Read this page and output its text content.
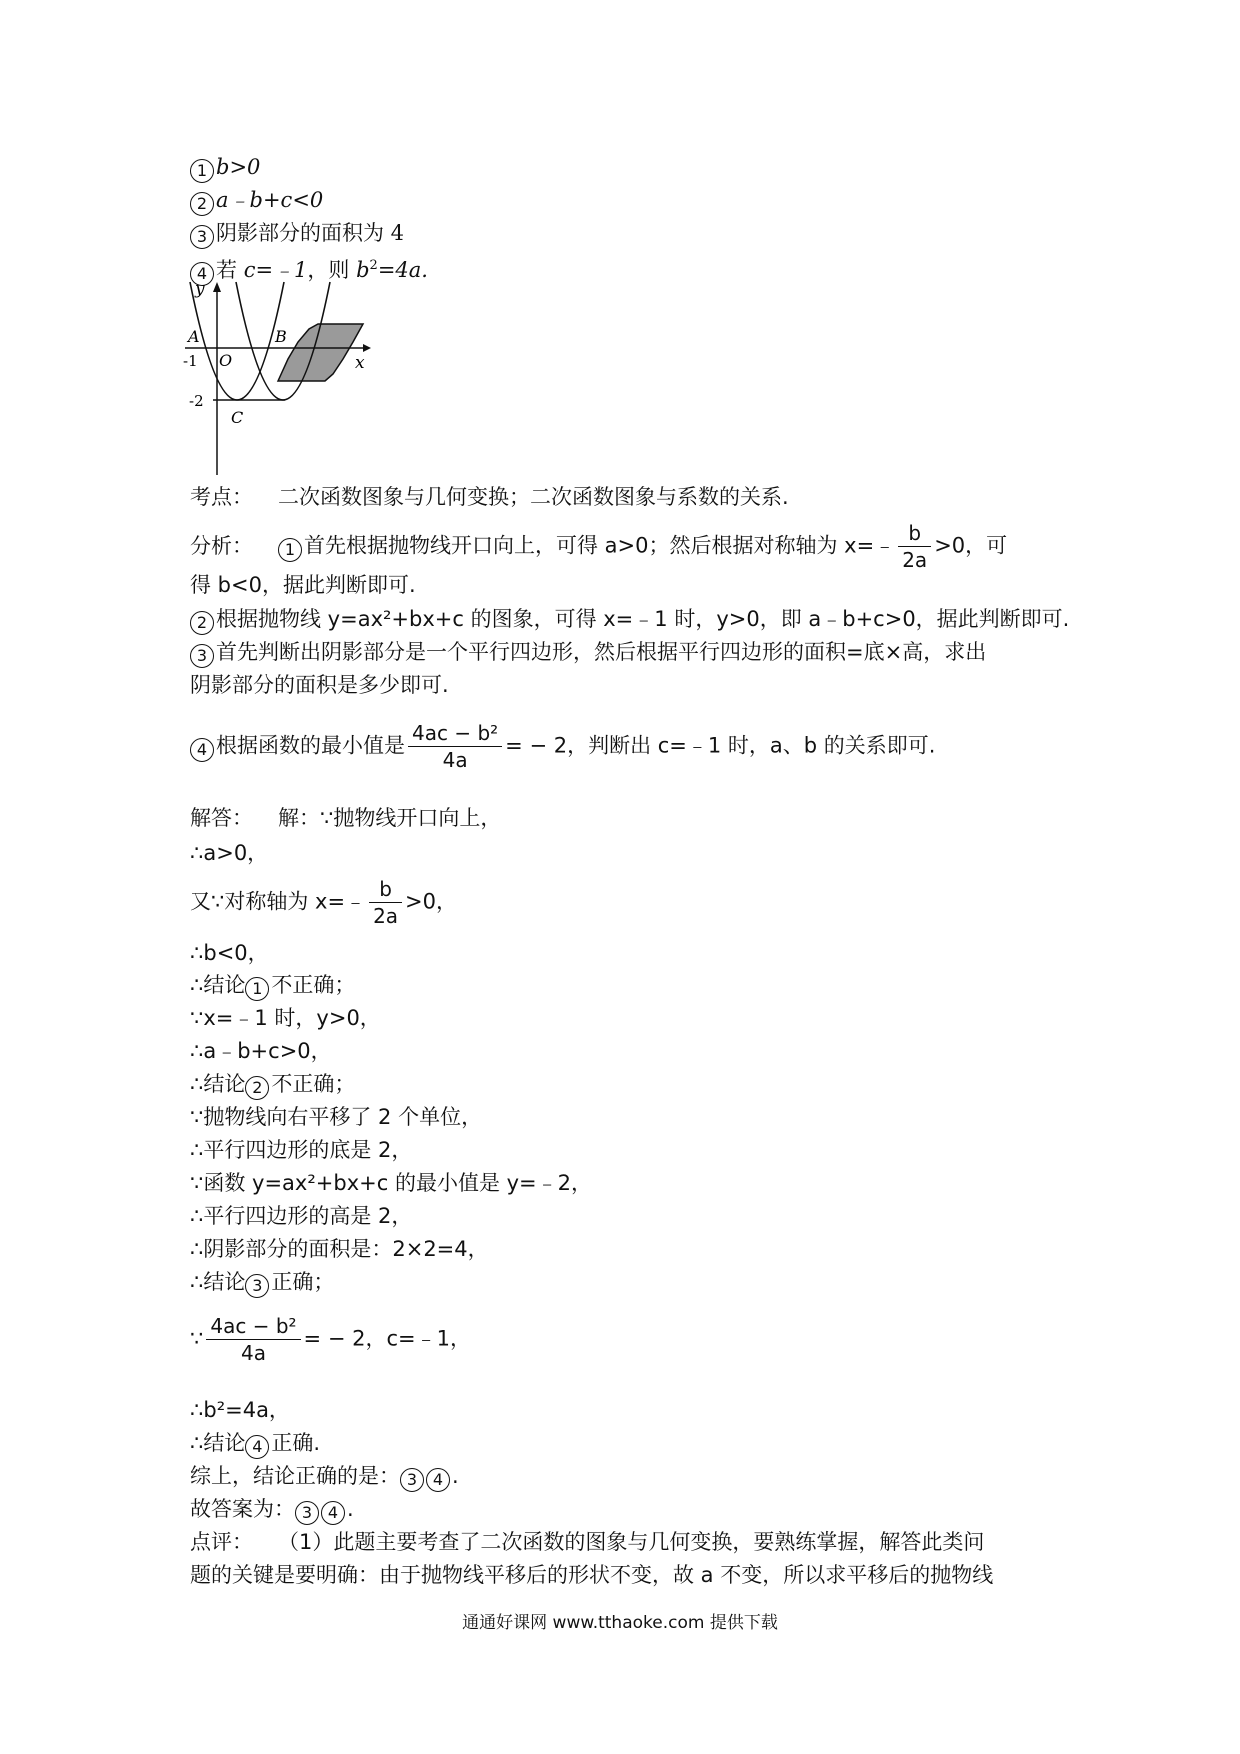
1 b>0
2 a﹣b+c<0
3 阴影部分的面积为 4
4 若 c=﹣1，则 $b^2=4a$.
y
x
A	B
C
O
-1
-2
考点： 二次函数图象与几何变换；二次函数图象与系数的关系.
分析： 1 首先根据抛物线开口向上，可得 a>0；然后根据对称轴为 x=﹣ $\frac{b}{2a} >0$，可
得 b<0，据此判断即可.
2 根据抛物线 y=ax²+bx+c 的图象，可得 x=﹣1 时，y>0，即 a﹣b+c>0，据此判断即可.
3 首先判断出阴影部分是一个平行四边形，然后根据平行四边形的面积=底×高，求出
阴影部分的面积是多少即可.
4 根据函数的最小值是 $\frac{\text{4ac − b²}}{4a}$ = − 2，判断出 c=﹣1 时，a、b 的关系即可.
解答： 解：∵抛物线开口向上，
∴a>0，
又∵对称轴为 x=﹣ $\frac{b}{2a} >0$，
∴b<0，
∴结论 1 不正确；
∵x=﹣1 时，y>0，
∴a﹣b+c>0，
∴结论 2 不正确；
∵抛物线向右平移了 2 个单位，
∴平行四边形的底是 2，
∵函数 y=ax²+bx+c 的最小值是 y=﹣2，
∴平行四边形的高是 2，
∴阴影部分的面积是：2×2=4，
∴结论 3 正确；
∵ $\frac{\text{4ac − b²}}{4a}$ = − 2，c=﹣1，
∴b²=4a，
∴结论 4 正确.
综上，结论正确的是： 3 4 .
故答案为： 3 4 .
点评： （1）此题主要考查了二次函数的图象与几何变换，要熟练掌握，解答此类问
题的关键是要明确：由于抛物线平移后的形状不变，故 a 不变，所以求平移后的抛物线
通通好课网 www.tthaoke.com 提供下载
